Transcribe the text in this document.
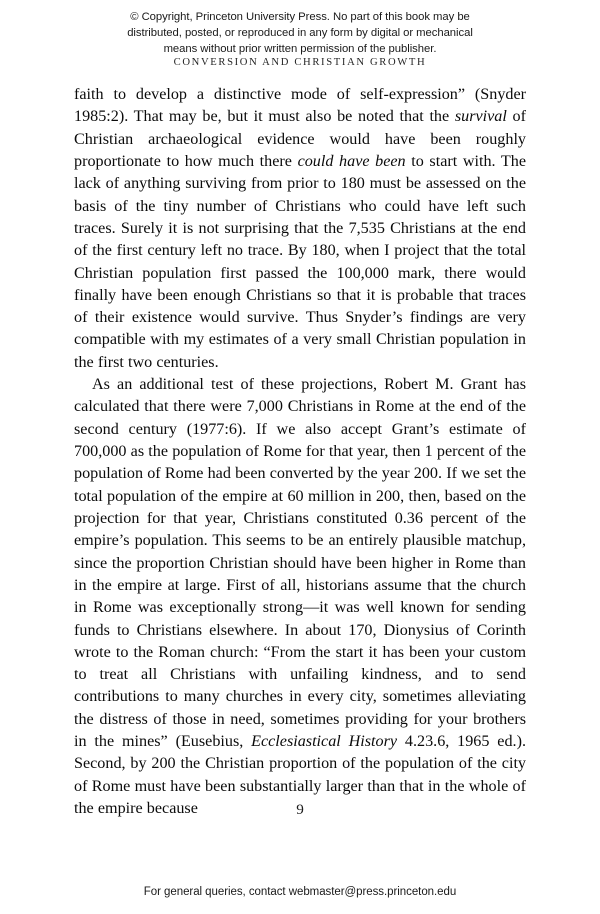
© Copyright, Princeton University Press. No part of this book may be
distributed, posted, or reproduced in any form by digital or mechanical
means without prior written permission of the publisher.
CONVERSION AND CHRISTIAN GROWTH

faith to develop a distinctive mode of self-expression” (Snyder 1985:2). That may be, but it must also be noted that the survival of Christian archaeological evidence would have been roughly proportionate to how much there could have been to start with. The lack of anything surviving from prior to 180 must be assessed on the basis of the tiny number of Christians who could have left such traces. Surely it is not surprising that the 7,535 Christians at the end of the first century left no trace. By 180, when I project that the total Christian population first passed the 100,000 mark, there would finally have been enough Christians so that it is probable that traces of their existence would survive. Thus Snyder’s findings are very compatible with my estimates of a very small Christian population in the first two centuries.

As an additional test of these projections, Robert M. Grant has calculated that there were 7,000 Christians in Rome at the end of the second century (1977:6). If we also accept Grant’s estimate of 700,000 as the population of Rome for that year, then 1 percent of the population of Rome had been converted by the year 200. If we set the total population of the empire at 60 million in 200, then, based on the projection for that year, Christians constituted 0.36 percent of the empire’s population. This seems to be an entirely plausible matchup, since the proportion Christian should have been higher in Rome than in the empire at large. First of all, historians assume that the church in Rome was exceptionally strong—it was well known for sending funds to Christians elsewhere. In about 170, Dionysius of Corinth wrote to the Roman church: “From the start it has been your custom to treat all Christians with unfailing kindness, and to send contributions to many churches in every city, sometimes alleviating the distress of those in need, sometimes providing for your brothers in the mines” (Eusebius, Ecclesiastical History 4.23.6, 1965 ed.). Second, by 200 the Christian proportion of the population of the city of Rome must have been substantially larger than that in the whole of the empire because	9
For general queries, contact webmaster@press.princeton.edu
